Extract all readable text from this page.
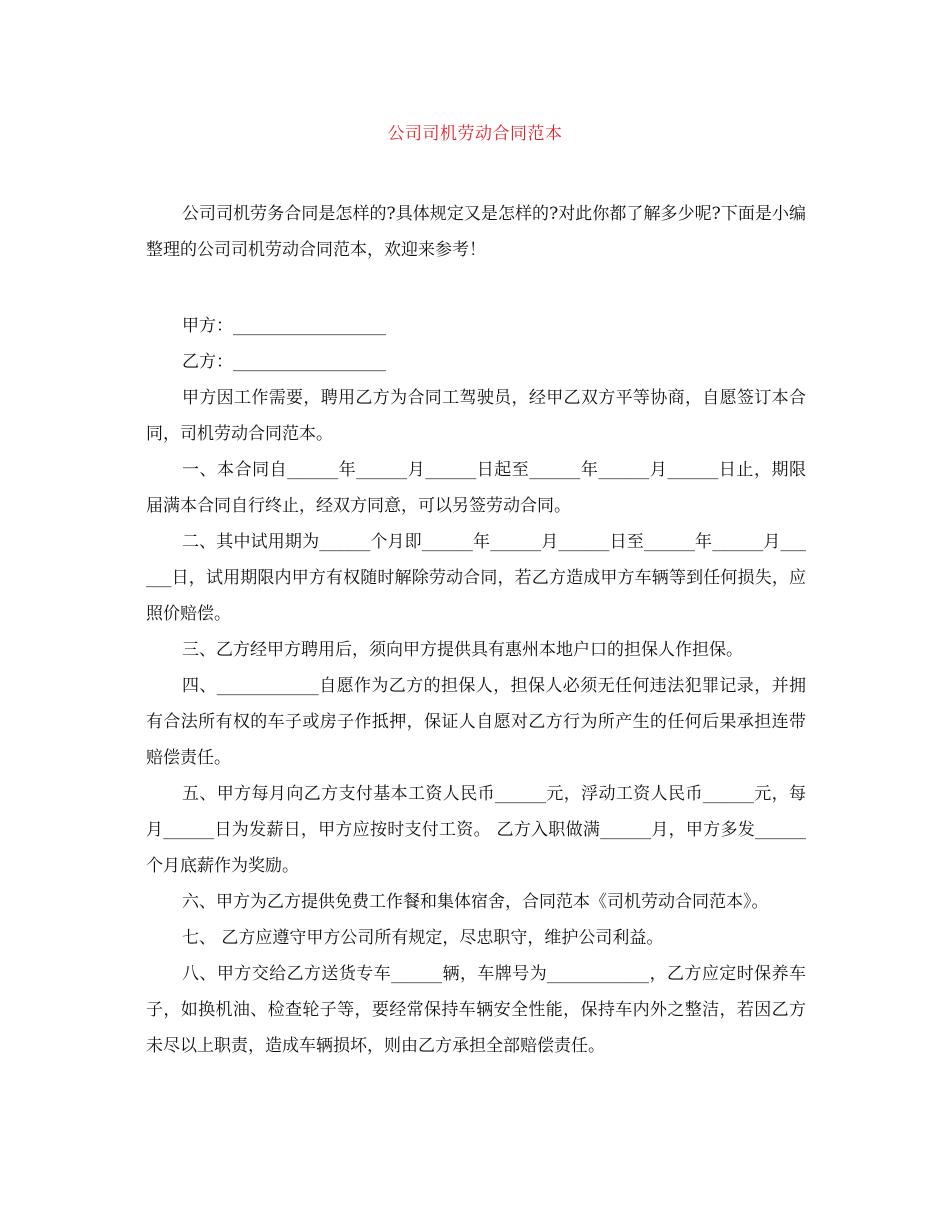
公司司机劳动合同范本

公司司机劳务合同是怎样的?具体规定又是怎样的?对此你都了解多少呢?下面是小编整理的公司司机劳动合同范本，欢迎来参考！

甲方：__________________

乙方：__________________

甲方因工作需要，聘用乙方为合同工驾驶员，经甲乙双方平等协商，自愿签订本合同，司机劳动合同范本。

一、本合同自______年______月______日起至______年______月______日止，期限届满本合同自行终止，经双方同意，可以另签劳动合同。

二、其中试用期为______个月即______年______月______日至______年______月______日，试用期限内甲方有权随时解除劳动合同，若乙方造成甲方车辆等到任何损失，应照价赔偿。

三、乙方经甲方聘用后，须向甲方提供具有惠州本地户口的担保人作担保。

四、____________自愿作为乙方的担保人，担保人必须无任何违法犯罪记录，并拥有合法所有权的车子或房子作抵押，保证人自愿对乙方行为所产生的任何后果承担连带赔偿责任。

五、甲方每月向乙方支付基本工资人民币______元，浮动工资人民币______元，每月______日为发薪日，甲方应按时支付工资。 乙方入职做满______月，甲方多发______个月底薪作为奖励。

六、甲方为乙方提供免费工作餐和集体宿舍，合同范本《司机劳动合同范本》。

七、 乙方应遵守甲方公司所有规定，尽忠职守，维护公司利益。

八、甲方交给乙方送货专车______辆，车牌号为____________，乙方应定时保养车子，如换机油、检查轮子等，要经常保持车辆安全性能，保持车内外之整洁，若因乙方未尽以上职责，造成车辆损坏，则由乙方承担全部赔偿责任。
